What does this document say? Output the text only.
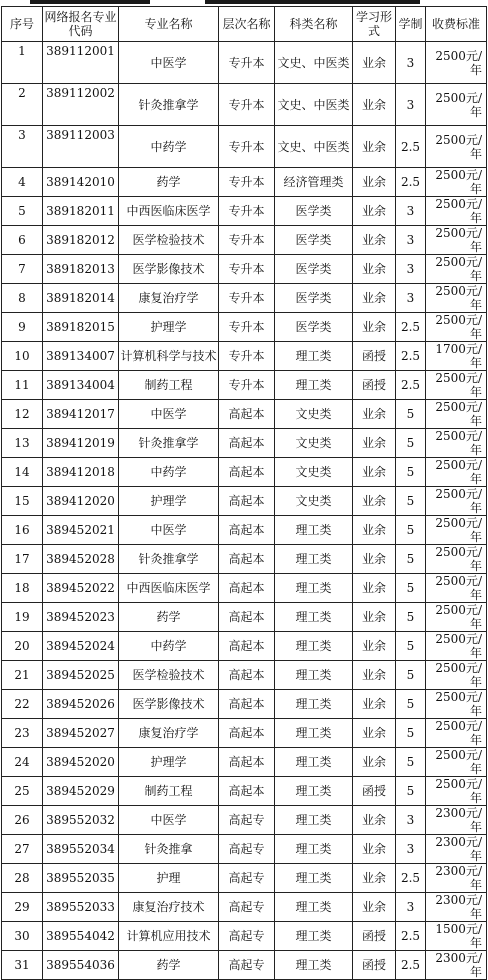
序号	网络报名专业代码	专业名称	层次名称	科类名称	学习形式	学制	收费标准
1	389112001	中医学	专升本	文史、中医类	业余	3	2500元/年
2	389112002	针灸推拿学	专升本	文史、中医类	业余	3	2500元/年
3	389112003	中药学	专升本	文史、中医类	业余	2.5	2500元/年
4	389142010	药学	专升本	经济管理类	业余	2.5	2500元/年
5	389182011	中西医临床医学	专升本	医学类	业余	3	2500元/年
6	389182012	医学检验技术	专升本	医学类	业余	3	2500元/年
7	389182013	医学影像技术	专升本	医学类	业余	3	2500元/年
8	389182014	康复治疗学	专升本	医学类	业余	3	2500元/年
9	389182015	护理学	专升本	医学类	业余	2.5	2500元/年
10	389134007	计算机科学与技术	专升本	理工类	函授	2.5	1700元/年
11	389134004	制药工程	专升本	理工类	函授	2.5	2500元/年
12	389412017	中医学	高起本	文史类	业余	5	2500元/年
13	389412019	针灸推拿学	高起本	文史类	业余	5	2500元/年
14	389412018	中药学	高起本	文史类	业余	5	2500元/年
15	389412020	护理学	高起本	文史类	业余	5	2500元/年
16	389452021	中医学	高起本	理工类	业余	5	2500元/年
17	389452028	针灸推拿学	高起本	理工类	业余	5	2500元/年
18	389452022	中西医临床医学	高起本	理工类	业余	5	2500元/年
19	389452023	药学	高起本	理工类	业余	5	2500元/年
20	389452024	中药学	高起本	理工类	业余	5	2500元/年
21	389452025	医学检验技术	高起本	理工类	业余	5	2500元/年
22	389452026	医学影像技术	高起本	理工类	业余	5	2500元/年
23	389452027	康复治疗学	高起本	理工类	业余	5	2500元/年
24	389452020	护理学	高起本	理工类	业余	5	2500元/年
25	389452029	制药工程	高起本	理工类	函授	5	2500元/年
26	389552032	中医学	高起专	理工类	业余	3	2300元/年
27	389552034	针灸推拿	高起专	理工类	业余	3	2300元/年
28	389552035	护理	高起专	理工类	业余	2.5	2300元/年
29	389552033	康复治疗技术	高起专	理工类	业余	3	2300元/年
30	389554042	计算机应用技术	高起专	理工类	函授	2.5	1500元/年
31	389554036	药学	高起专	理工类	函授	2.5	2300元/年
